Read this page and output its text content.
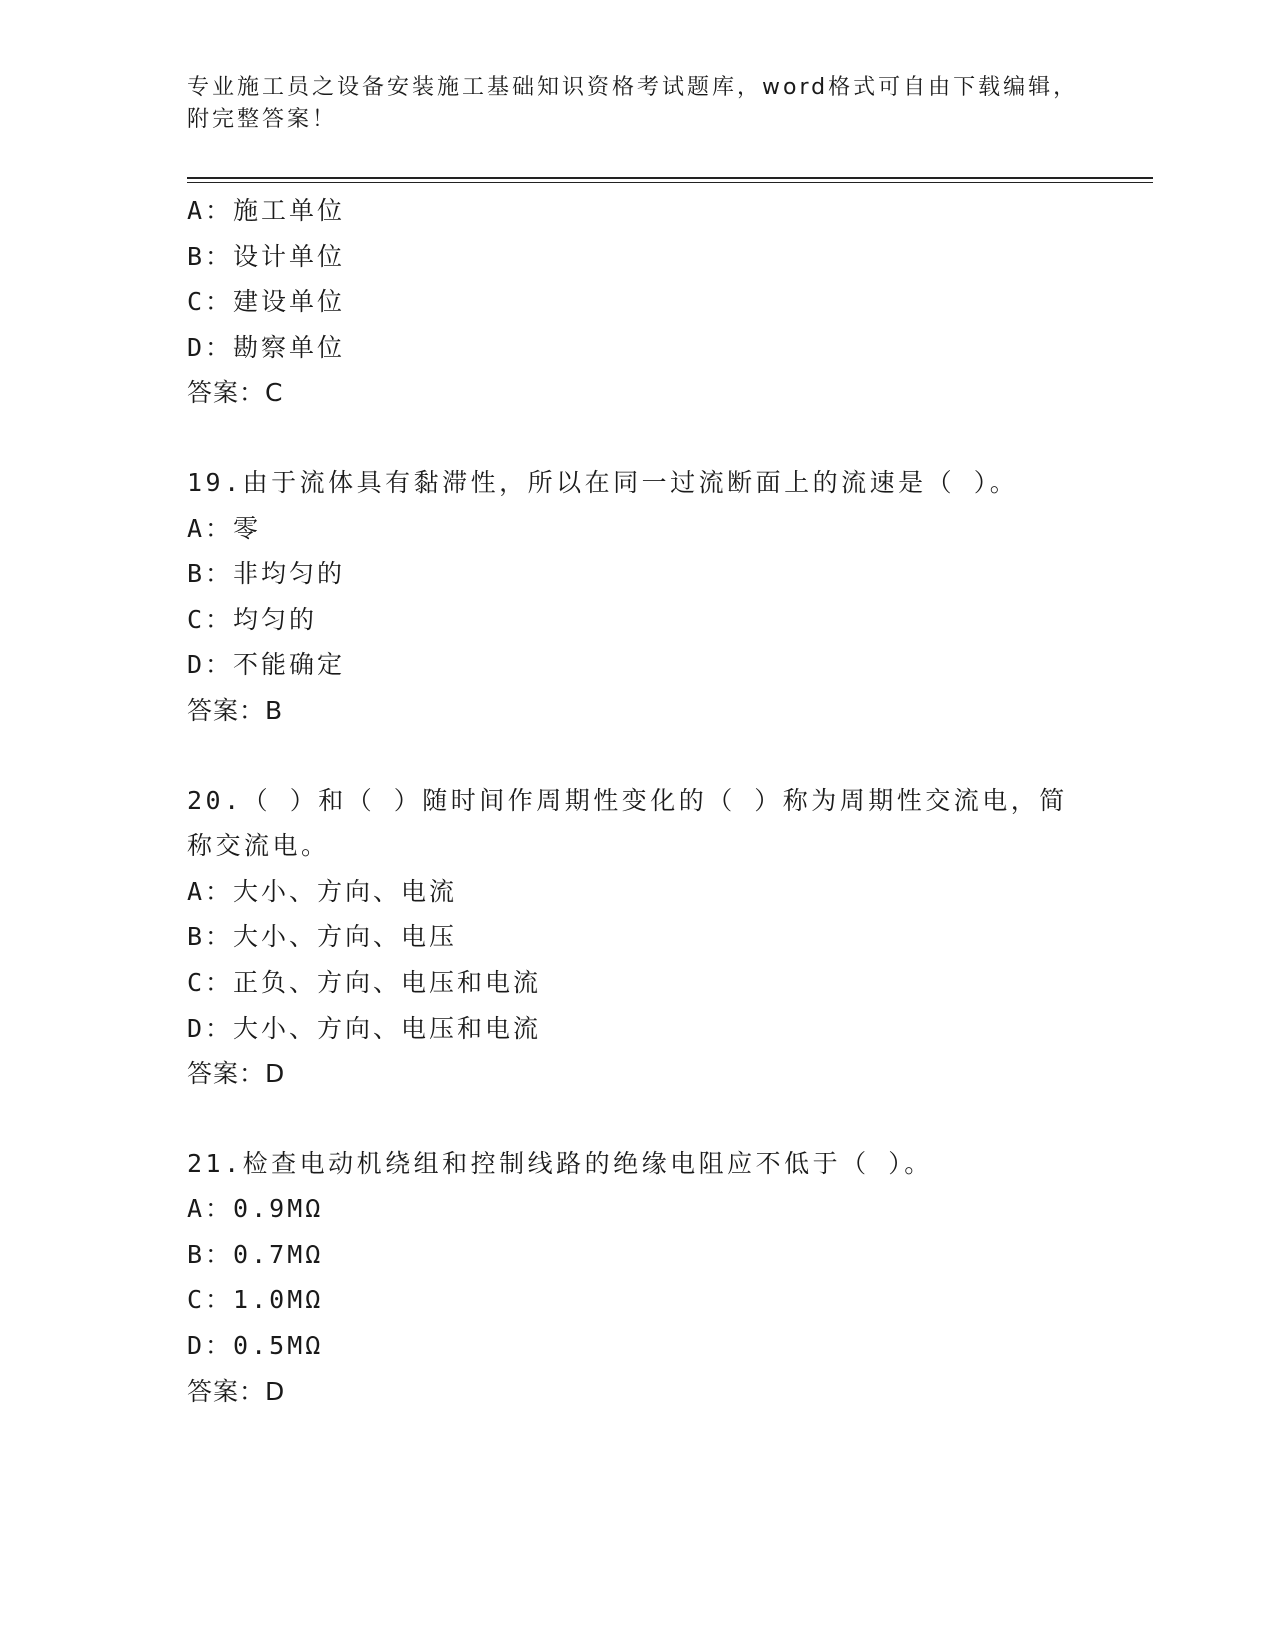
专业施工员之设备安装施工基础知识资格考试题库，word格式可自由下载编辑，
附完整答案！
A：施工单位
B：设计单位
C：建设单位
D：勘察单位
答案：C
19.由于流体具有黏滞性，所以在同一过流断面上的流速是（ ）。
A：零
B：非均匀的
C：均匀的
D：不能确定
答案：B
20.（ ）和（ ）随时间作周期性变化的（ ）称为周期性交流电，简
称交流电。
A：大小、方向、电流
B：大小、方向、电压
C：正负、方向、电压和电流
D：大小、方向、电压和电流
答案：D
21.检查电动机绕组和控制线路的绝缘电阻应不低于（ ）。
A：0.9MΩ
B：0.7MΩ
C：1.0MΩ
D：0.5MΩ
答案：D
